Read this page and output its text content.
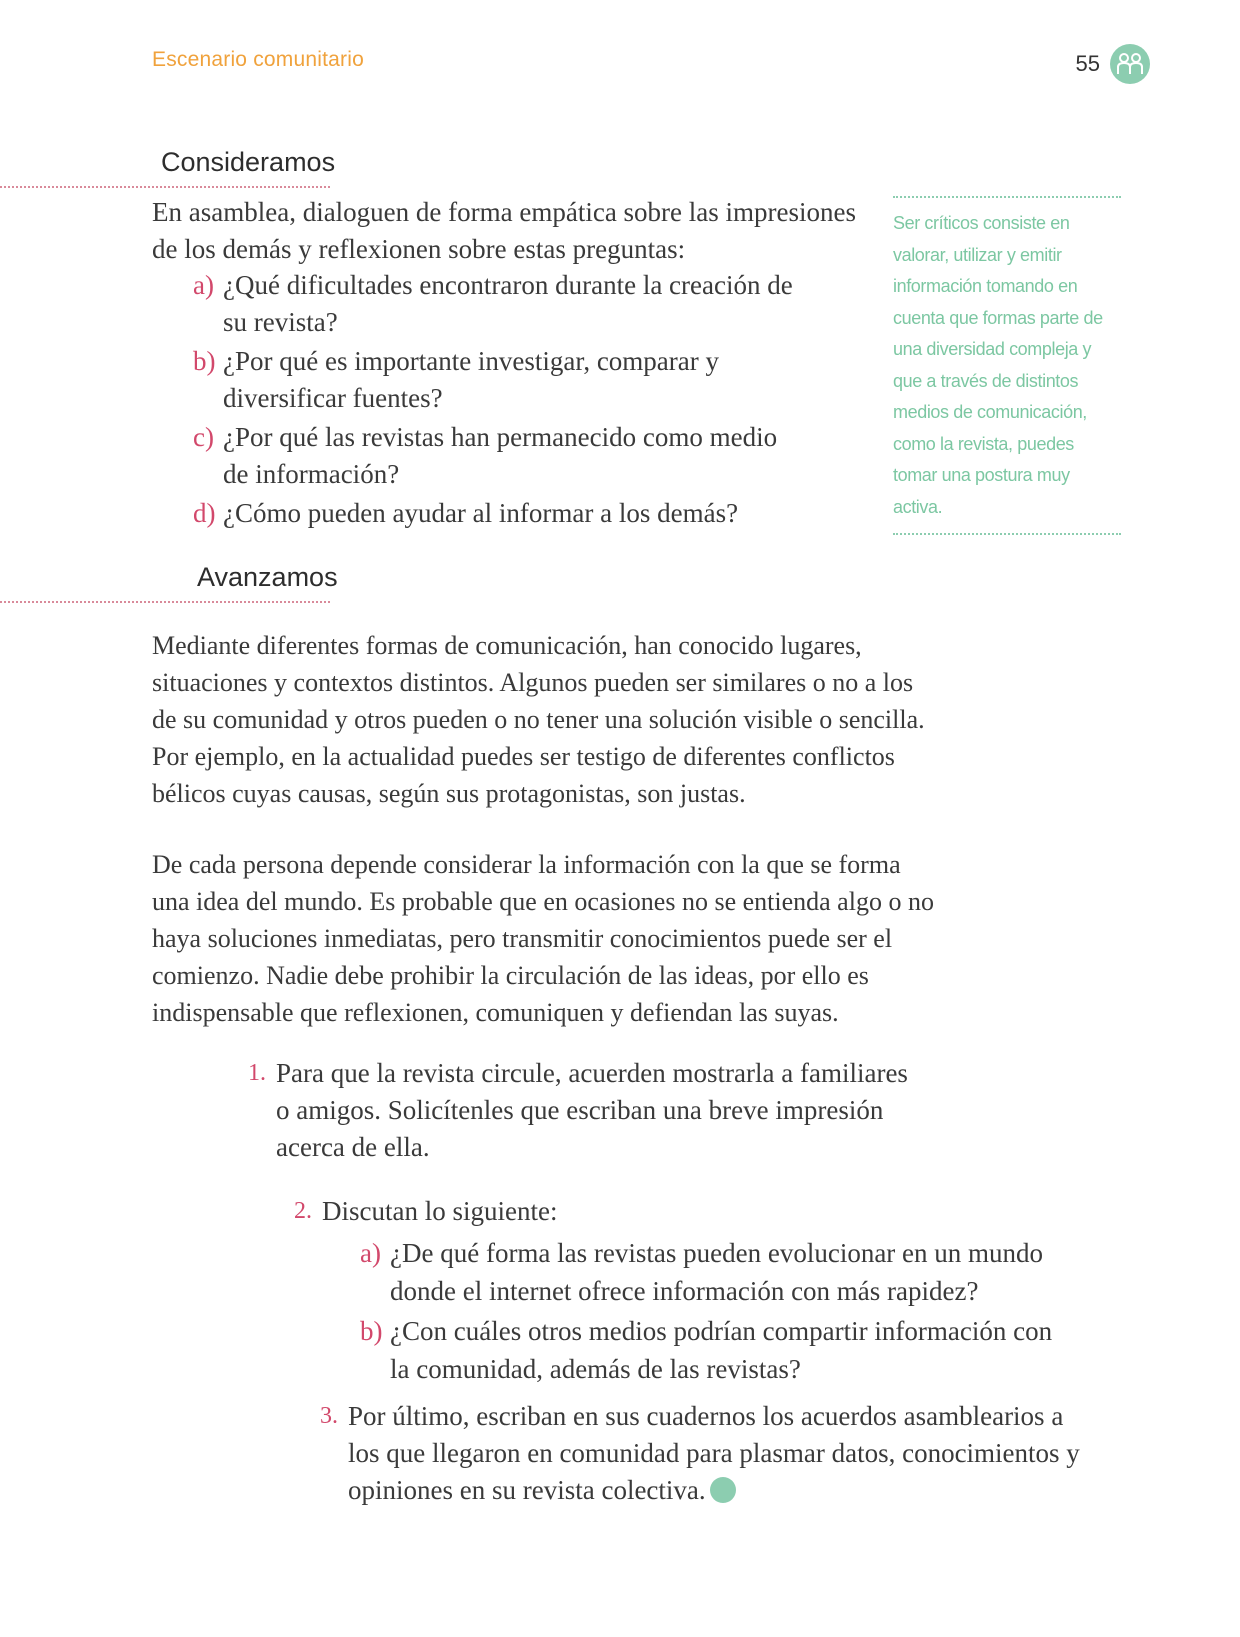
Escenario comunitario	55
Consideramos

En asamblea, dialoguen de forma empática sobre las impresiones de los demás y reflexionen sobre estas preguntas:

a) ¿Qué dificultades encontraron durante la creación de su revista?
b) ¿Por qué es importante investigar, comparar y diversificar fuentes?
c) ¿Por qué las revistas han permanecido como medio de información?
d) ¿Cómo pueden ayudar al informar a los demás?
Ser críticos consiste en valorar, utilizar y emitir información tomando en cuenta que formas parte de una diversidad compleja y que a través de distintos medios de comunicación, como la revista, puedes tomar una postura muy activa.
Avanzamos

Mediante diferentes formas de comunicación, han conocido lugares, situaciones y contextos distintos. Algunos pueden ser similares o no a los de su comunidad y otros pueden o no tener una solución visible o sencilla. Por ejemplo, en la actualidad puedes ser testigo de diferentes conflictos bélicos cuyas causas, según sus protagonistas, son justas.

De cada persona depende considerar la información con la que se forma una idea del mundo. Es probable que en ocasiones no se entienda algo o no haya soluciones inmediatas, pero transmitir conocimientos puede ser el comienzo. Nadie debe prohibir la circulación de las ideas, por ello es indispensable que reflexionen, comuniquen y defiendan las suyas.

1. Para que la revista circule, acuerden mostrarla a familiares o amigos. Solicítenles que escriban una breve impresión acerca de ella.
2. Discutan lo siguiente:
a) ¿De qué forma las revistas pueden evolucionar en un mundo donde el internet ofrece información con más rapidez?
b) ¿Con cuáles otros medios podrían compartir información con la comunidad, además de las revistas?
3. Por último, escriban en sus cuadernos los acuerdos asamblearios a los que llegaron en comunidad para plasmar datos, conocimientos y opiniones en su revista colectiva.
